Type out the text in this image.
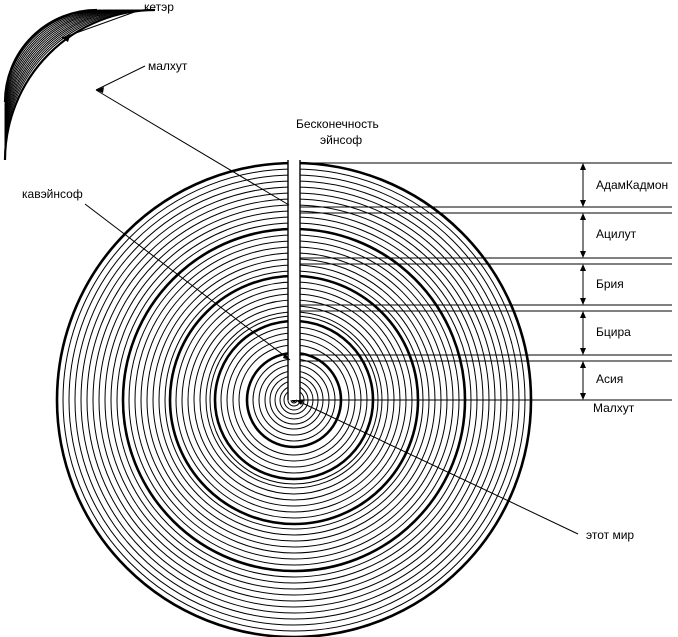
кетэр
малхут
кавэйнсоф
Бесконечность
эйнсоф
АдамКадмон
Ацилут
Брия
Бцира
Асия
Малхут
этот мир
